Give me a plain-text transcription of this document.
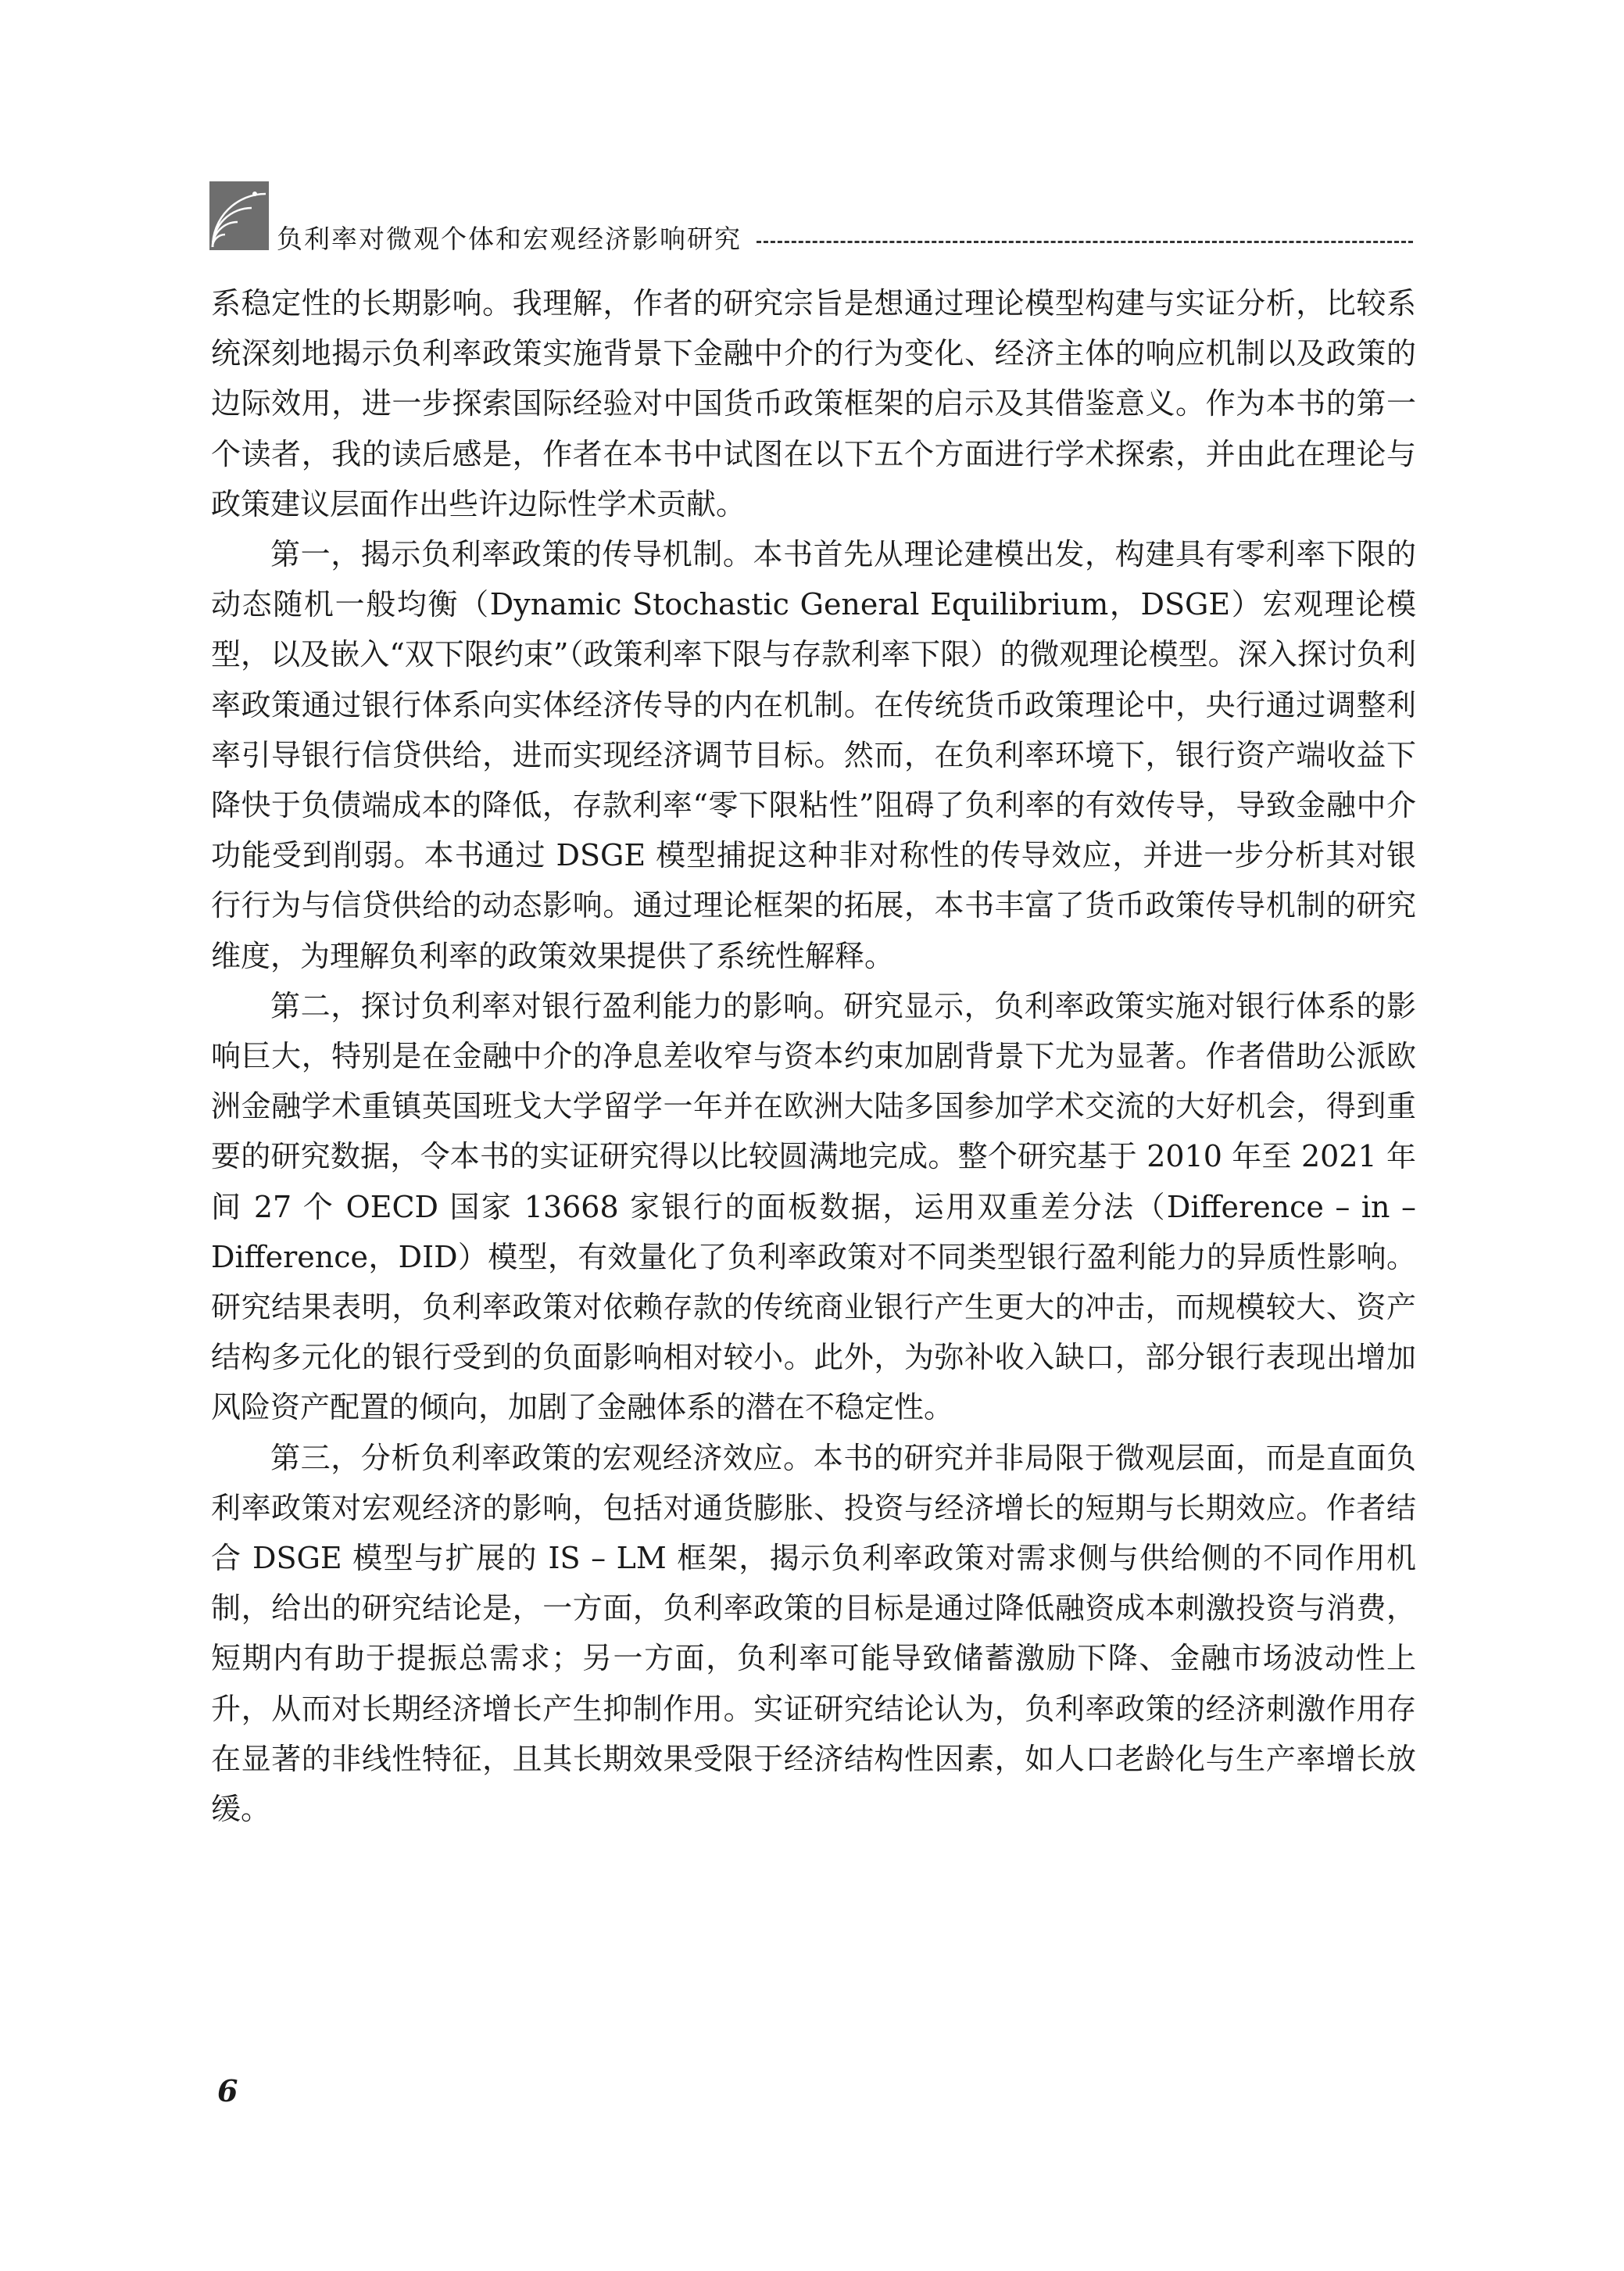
负利率对微观个体和宏观经济影响研究

系稳定性的长期影响。我理解，作者的研究宗旨是想通过理论模型构建与实证分析，比较系统深刻地揭示负利率政策实施背景下金融中介的行为变化、经济主体的响应机制以及政策的边际效用，进一步探索国际经验对中国货币政策框架的启示及其借鉴意义。作为本书的第一个读者，我的读后感是，作者在本书中试图在以下五个方面进行学术探索，并由此在理论与政策建议层面作出些许边际性学术贡献。

第一，揭示负利率政策的传导机制。本书首先从理论建模出发，构建具有零利率下限的动态随机一般均衡（Dynamic Stochastic General Equilibrium，DSGE）宏观理论模型，以及嵌入“双下限约束”（政策利率下限与存款利率下限）的微观理论模型。深入探讨负利率政策通过银行体系向实体经济传导的内在机制。在传统货币政策理论中，央行通过调整利率引导银行信贷供给，进而实现经济调节目标。然而，在负利率环境下，银行资产端收益下降快于负债端成本的降低，存款利率“零下限粘性”阻碍了负利率的有效传导，导致金融中介功能受到削弱。本书通过 DSGE 模型捕捉这种非对称性的传导效应，并进一步分析其对银行行为与信贷供给的动态影响。通过理论框架的拓展，本书丰富了货币政策传导机制的研究维度，为理解负利率的政策效果提供了系统性解释。

第二，探讨负利率对银行盈利能力的影响。研究显示，负利率政策实施对银行体系的影响巨大，特别是在金融中介的净息差收窄与资本约束加剧背景下尤为显著。作者借助公派欧洲金融学术重镇英国班戈大学留学一年并在欧洲大陆多国参加学术交流的大好机会，得到重要的研究数据，令本书的实证研究得以比较圆满地完成。整个研究基于 2010 年至 2021 年间 27 个 OECD 国家 13668 家银行的面板数据，运用双重差分法（Difference – in – Difference，DID）模型，有效量化了负利率政策对不同类型银行盈利能力的异质性影响。研究结果表明，负利率政策对依赖存款的传统商业银行产生更大的冲击，而规模较大、资产结构多元化的银行受到的负面影响相对较小。此外，为弥补收入缺口，部分银行表现出增加风险资产配置的倾向，加剧了金融体系的潜在不稳定性。

第三，分析负利率政策的宏观经济效应。本书的研究并非局限于微观层面，而是直面负利率政策对宏观经济的影响，包括对通货膨胀、投资与经济增长的短期与长期效应。作者结合 DSGE 模型与扩展的 IS – LM 框架，揭示负利率政策对需求侧与供给侧的不同作用机制，给出的研究结论是，一方面，负利率政策的目标是通过降低融资成本刺激投资与消费，短期内有助于提振总需求；另一方面，负利率可能导致储蓄激励下降、金融市场波动性上升，从而对长期经济增长产生抑制作用。实证研究结论认为，负利率政策的经济刺激作用存在显著的非线性特征，且其长期效果受限于经济结构性因素，如人口老龄化与生产率增长放缓。

6
